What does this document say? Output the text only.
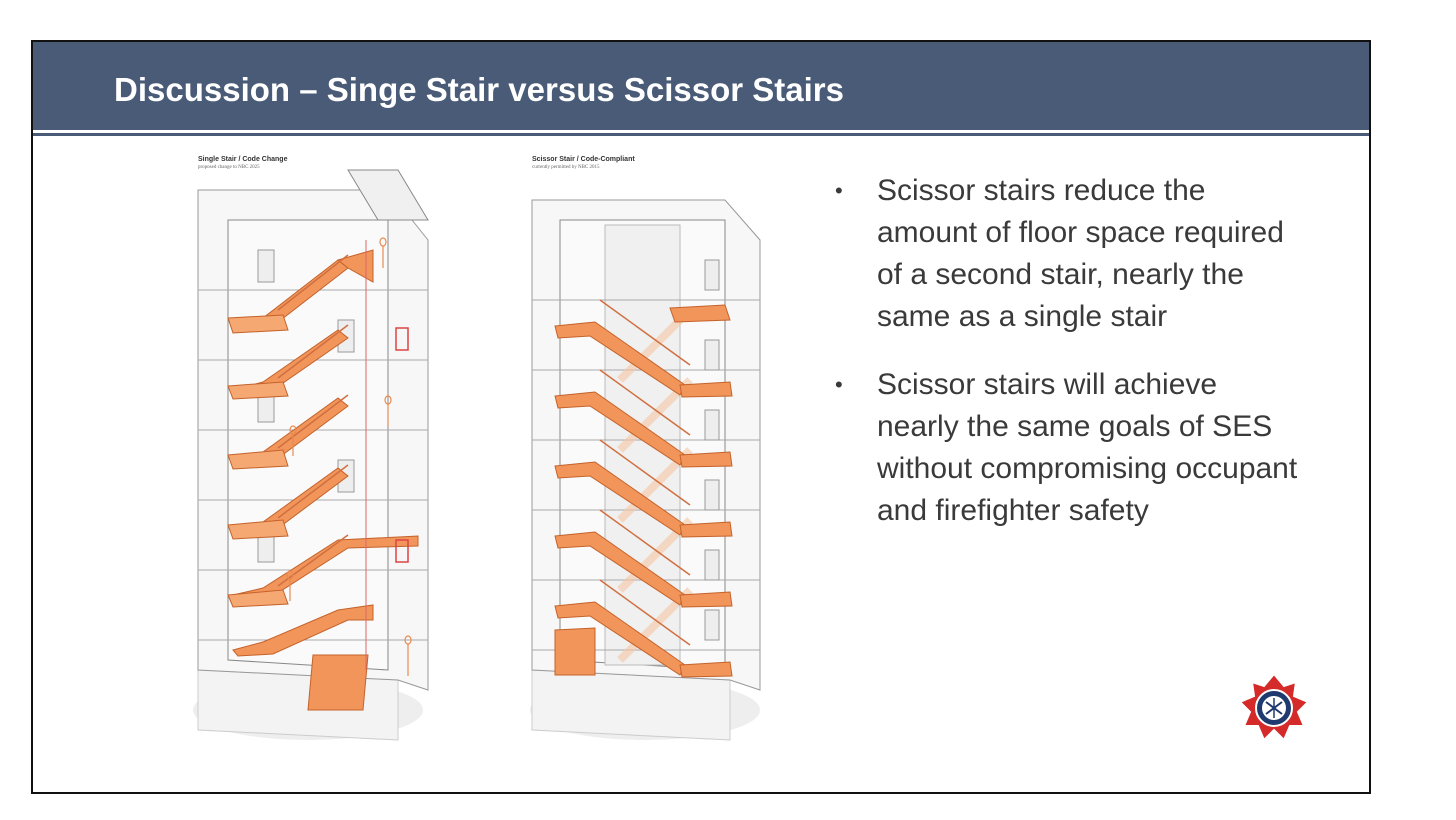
Discussion – Singe Stair versus Scissor Stairs
Single Stair / Code Change
proposed change to NBC 2025
Scissor Stair / Code-Compliant
currently permitted by NBC 2015
• Scissor stairs reduce the amount of floor space required of a second stair, nearly the same as a single stair
• Scissor stairs will achieve nearly the same goals of SES without compromising occupant and firefighter safety
